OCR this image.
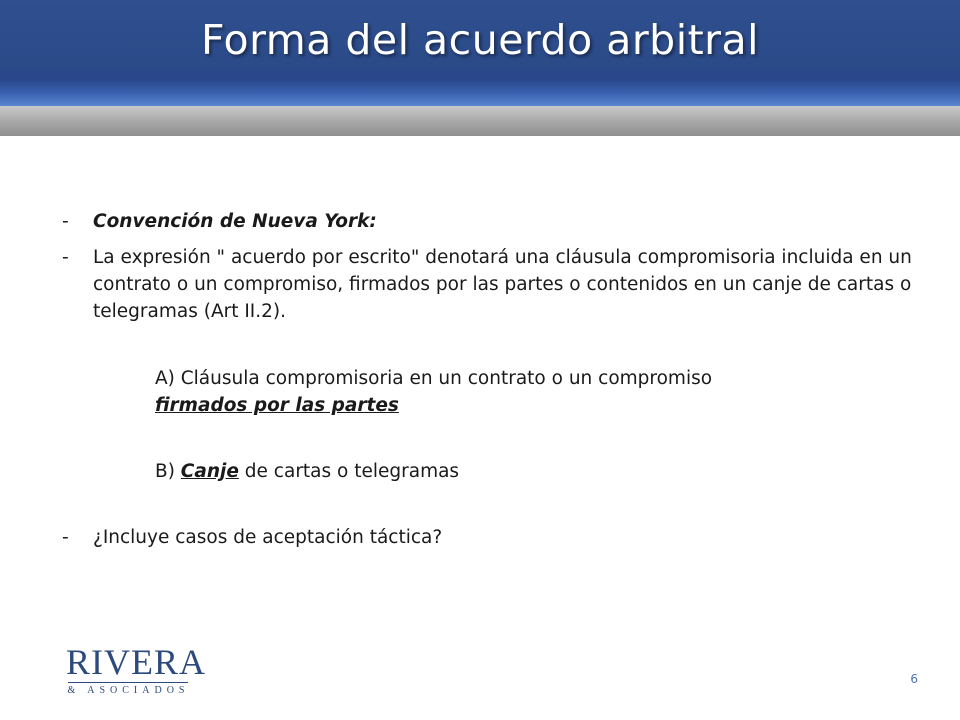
Forma del acuerdo arbitral
-	Convención de Nueva York:
-	La expresión " acuerdo por escrito" denotará una cláusula compromisoria incluida en un contrato o un compromiso, firmados por las partes o contenidos en un canje de cartas o telegramas (Art II.2).
A) Cláusula compromisoria en un contrato o un compromiso
firmados por las partes
B) Canje de cartas o telegramas
-	¿Incluye casos de aceptación táctica?
RIVERA
& ASOCIADOS
6
